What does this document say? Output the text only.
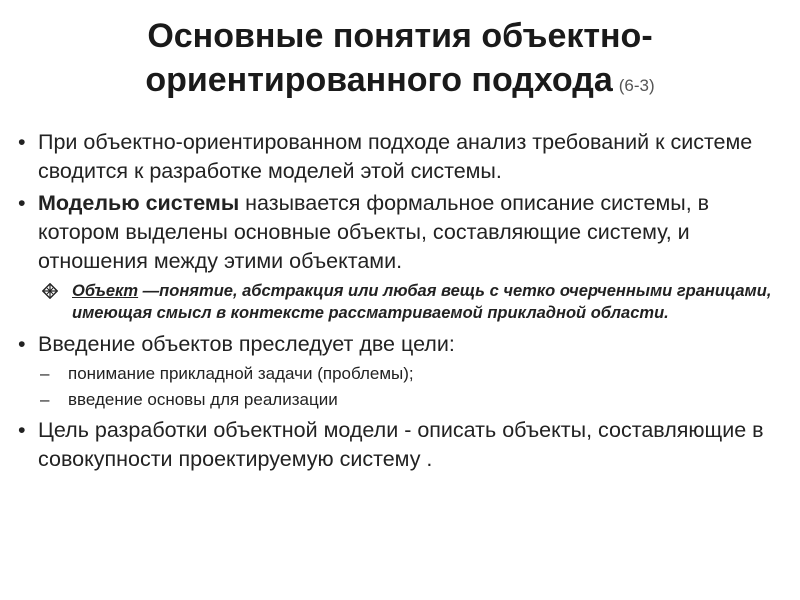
Основные понятия объектно-
ориентированного подхода (6-3)
• При объектно-ориентированном подходе анализ требований к системе сводится к разработке моделей этой системы.
• Моделью системы называется формальное описание системы, в котором выделены основные объекты, составляющие систему, и отношения между этими объектами.
Объект —понятие, абстракция или любая вещь с четко очерченными границами, имеющая смысл в контексте рассматриваемой прикладной области.
• Введение объектов преследует две цели:
– понимание прикладной задачи (проблемы);
– введение основы для реализации
• Цель разработки объектной модели - описать объекты, составляющие в совокупности проектируемую систему .
